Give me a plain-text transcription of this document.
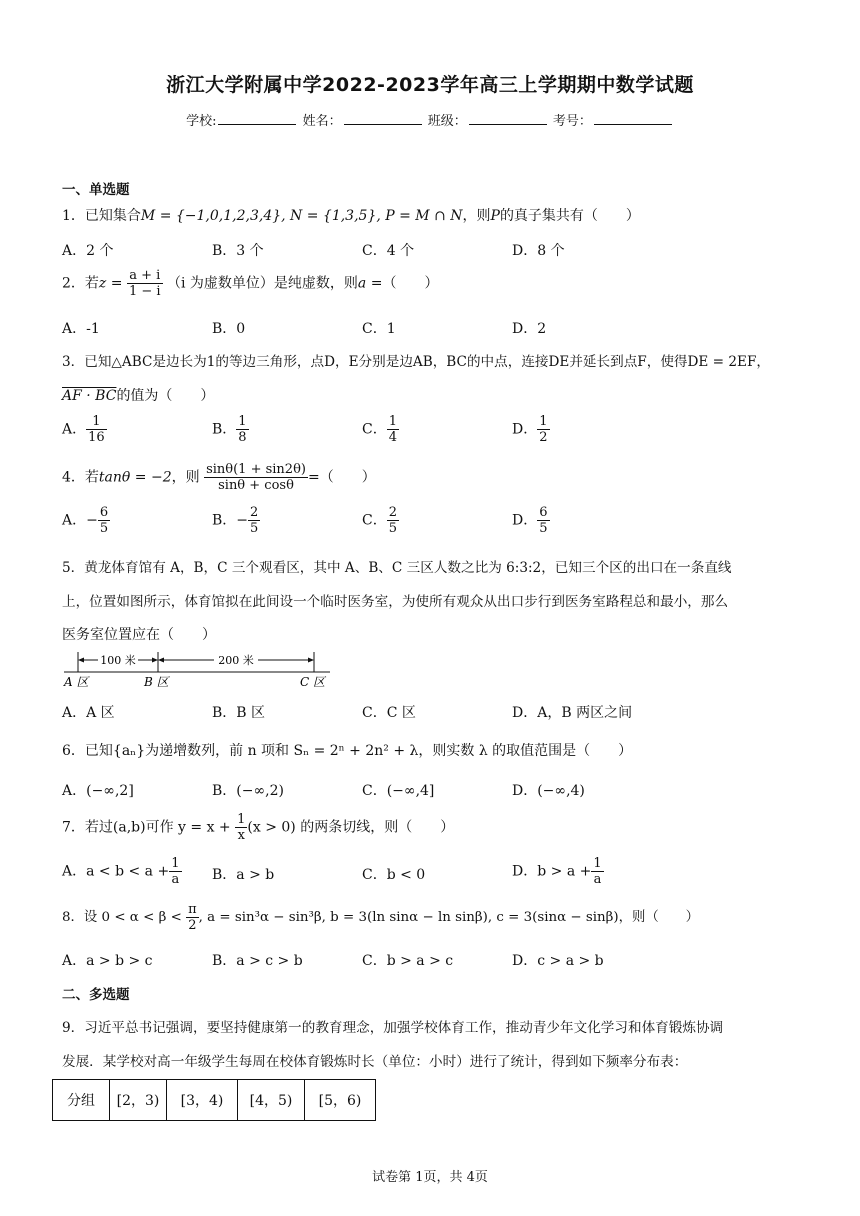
浙江大学附属中学2022-2023学年高三上学期期中数学试题
学校:	姓名：	班级：	考号：
一、单选题
1．已知集合M = {−1,0,1,2,3,4}, N = {1,3,5}, P = M ∩ N，则P的真子集共有（　　）
A．2 个	B．3 个	C．4 个	D．8 个
2．若$z = \frac{a + i}{1 - i} (i$ 为虚数单位）是纯虚数，则a =（　　）
A．-1	B．0	C．1	D．2
3．已知△ABC是边长为1的等边三角形，点D，E分别是边AB，BC的中点，连接DE并延长到点F，使得DE = 2EF，
AF · BC的值为（　　）
A． $\frac{1}{16}$	B． $\frac{1}{8}$	C． $\frac{1}{4}$	D． $\frac{1}{2}$
4．若tanθ = −2，则 $\frac{\sin\theta(1 + \sin 2\theta)}{\sin\theta + \cos\theta}$ =（　　）
A．− $\frac{6}{5}$	B．− $\frac{2}{5}$	C． $\frac{2}{5}$	D． $\frac{6}{5}$
5．黄龙体育馆有 A，B，C 三个观看区，其中 A、B、C 三区人数之比为 6:3:2，已知三个区的出口在一条直线
上，位置如图所示，体育馆拟在此间设一个临时医务室，为使所有观众从出口步行到医务室路程总和最小，那么
医务室位置应在（　　）
100 米	200 米
A 区	B 区	C 区
A．A 区	B．B 区	C．C 区	D．A，B 两区之间
6．已知{aₙ}为递增数列，前 n 项和 Sₙ = 2ⁿ + 2n² + λ，则实数 λ 的取值范围是（　　）
A．(−∞,2]	B．(−∞,2)	C．(−∞,4]	D．(−∞,4)
7．若过(a,b)可作 $y = x + \frac{1}{x} (x > 0)$ 的两条切线，则（　　）
A．$a < b < a + \frac{1}{a}$ B．a > b	C．b < 0	D．$b > a + \frac{1}{a}$
8．设 $0 < \alpha < \beta < \frac{\pi}{2}$ , a = sin³α − sin³β, b = 3(ln sinα − ln sinβ), c = 3(sinα − sinβ)，则（　　）
A．a > b > c	B．a > c > b	C．b > a > c	D．c > a > b
二、多选题
9．习近平总书记强调，要坚持健康第一的教育理念，加强学校体育工作，推动青少年文化学习和体育锻炼协调
发展．某学校对高一年级学生每周在校体育锻炼时长（单位：小时）进行了统计，得到如下频率分布表：
分组	[2，3)	[3，4)	[4，5)	[5，6)
试卷第 1页，共 4页
